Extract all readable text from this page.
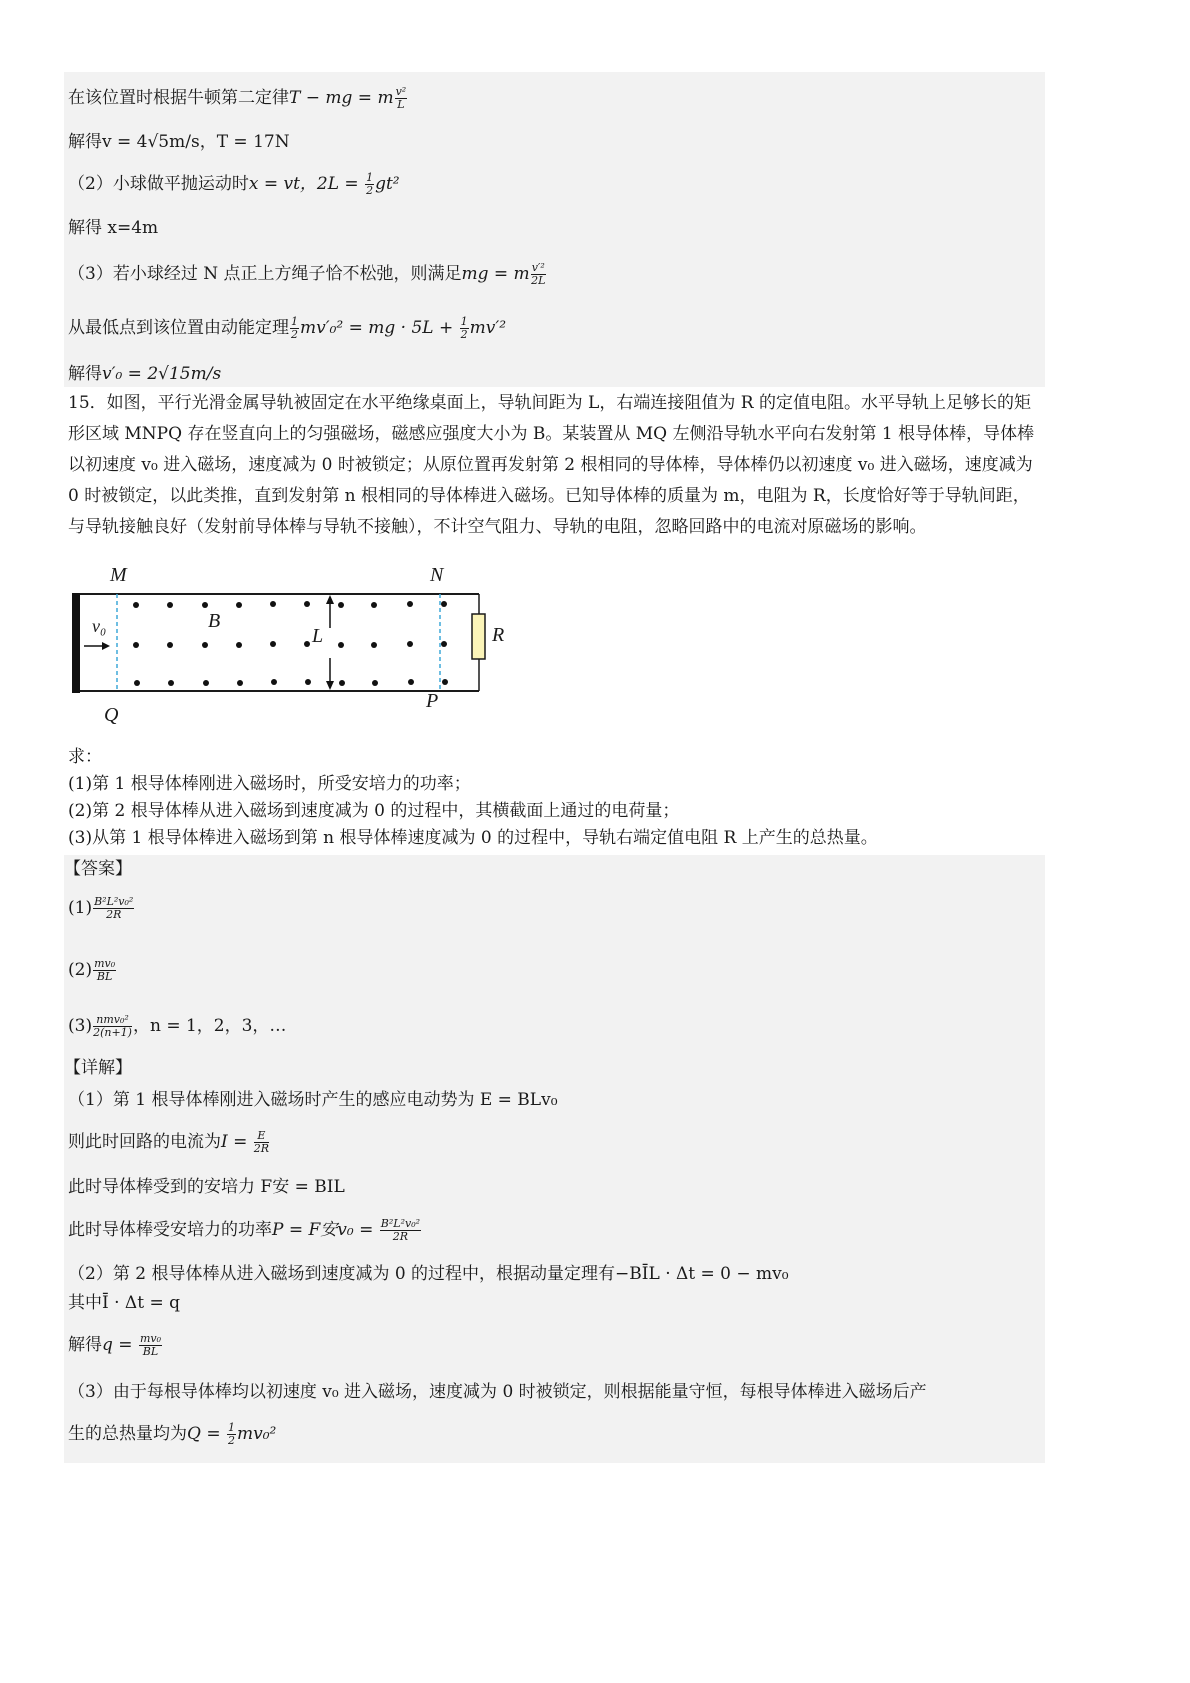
在该位置时根据牛顿第二定律T − mg = m $\frac{\text{v²}}{L}$
解得v = 4√5m/s，T = 17N
（2）小球做平抛运动时x = vt，$2L = \frac{1}{2} gt^2$
解得 x=4m
（3）若小球经过 N 点正上方绳子恰不松弛，则满足mg = m $\frac{\text{v′²}}{2L}$
从最低点到该位置由动能定理 $\frac{1}{2} mv'_0^2$ = mg · $5L + \frac{1}{2} mv'^2$
解得v′₀ = 2√15m/s
15．如图，平行光滑金属导轨被固定在水平绝缘桌面上，导轨间距为 L，右端连接阻值为 R 的定值电阻。水平导轨上足够长的矩形区域 MNPQ 存在竖直向上的匀强磁场，磁感应强度大小为 B。某装置从 MQ 左侧沿导轨水平向右发射第 1 根导体棒，导体棒以初速度 v₀ 进入磁场，速度减为 0 时被锁定；从原位置再发射第 2 根相同的导体棒，导体棒仍以初速度 v₀ 进入磁场，速度减为 0 时被锁定，以此类推，直到发射第 n 根相同的导体棒进入磁场。已知导体棒的质量为 m，电阻为 R，长度恰好等于导轨间距，与导轨接触良好（发射前导体棒与导轨不接触），不计空气阻力、导轨的电阻，忽略回路中的电流对原磁场的影响。
M	N
B
L	R
v₀
Q
P
求：
(1)第 1 根导体棒刚进入磁场时，所受安培力的功率；
(2)第 2 根导体棒从进入磁场到速度减为 0 的过程中，其横截面上通过的电荷量；
(3)从第 1 根导体棒进入磁场到第 n 根导体棒速度减为 0 的过程中，导轨右端定值电阻 R 上产生的总热量。
【答案】
$(1) \frac{\text{B²L²v₀²}}{2R}$
$(2) \frac{\text{mv₀}}{BL}$
$(3) \frac{\text{nmv₀²}}{2(n+1)}$ ，n = 1，2，3，…
【详解】
（1）第 1 根导体棒刚进入磁场时产生的感应电动势为 E = BLv₀
则此时回路的电流为$I = \frac{E}{2R}$
此时导体棒受到的安培力 F安 = BIL
此时导体棒受安培力的功率P = F安$v_0 = \frac{\text{B²L²v₀²}}{2R}$
（2）第 2 根导体棒从进入磁场到速度减为 0 的过程中，根据动量定理有−BĪL · Δt = 0 − mv₀
其中Ī · Δt = q
解得$q = \frac{\text{mv₀}}{BL}$
（3）由于每根导体棒均以初速度 v₀ 进入磁场，速度减为 0 时被锁定，则根据能量守恒，每根导体棒进入磁场后产
生的总热量均为$Q = \frac{1}{2} mv_0^2$
